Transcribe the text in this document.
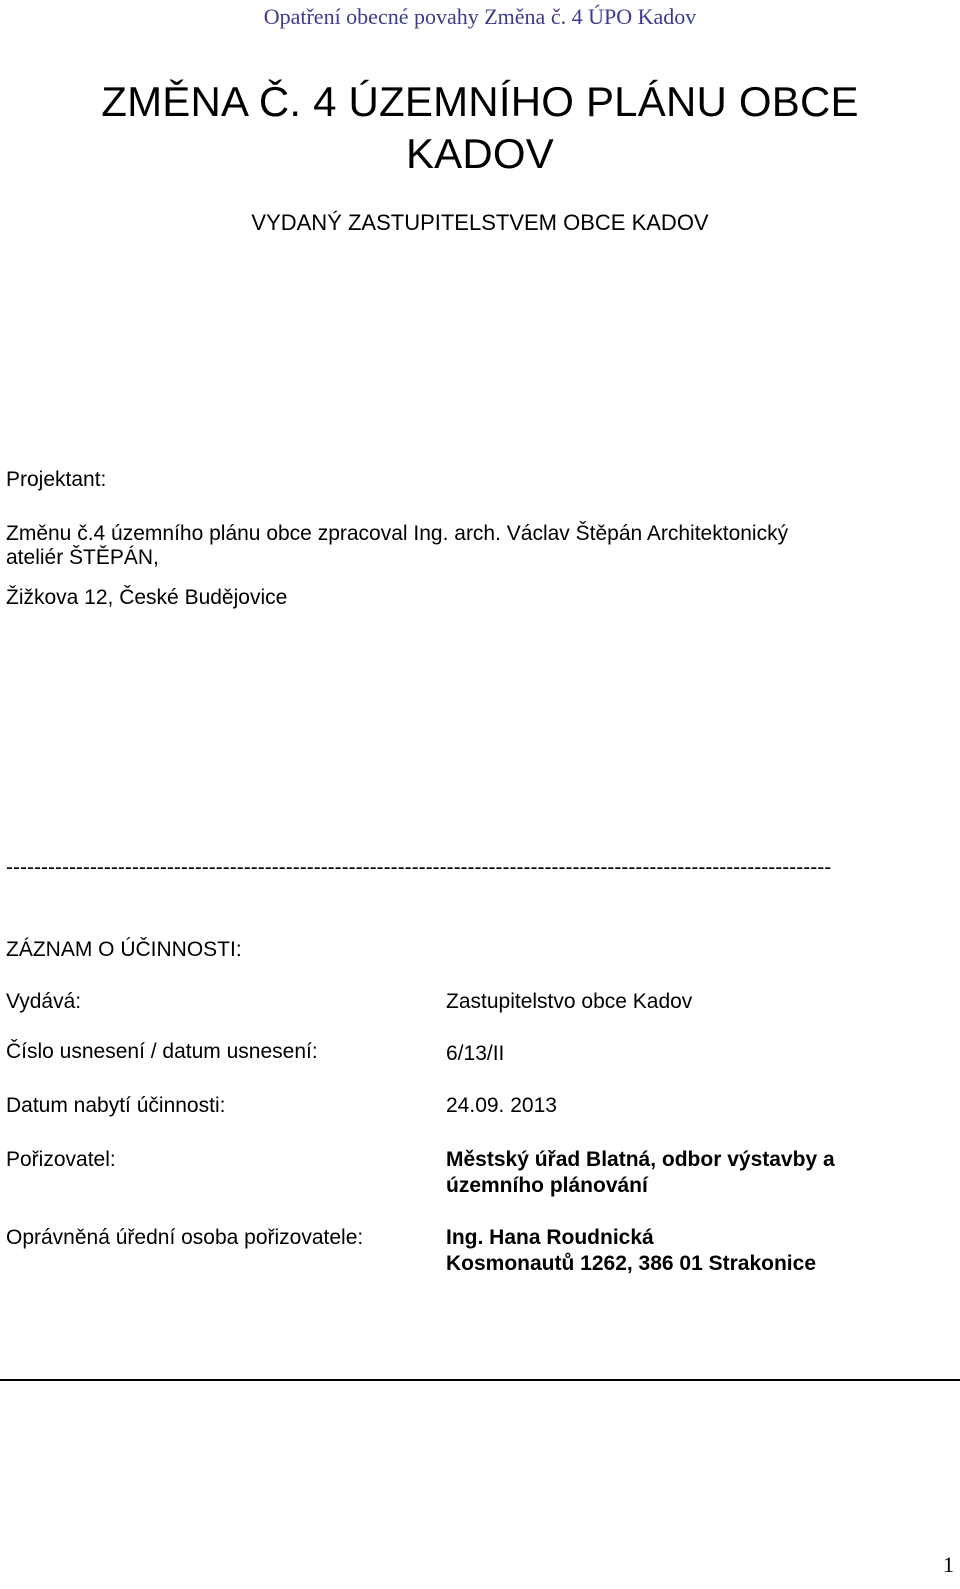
Opatření obecné povahy Změna č. 4 ÚPO Kadov
ZMĚNA Č. 4 ÚZEMNÍHO PLÁNU OBCE
KADOV
VYDANÝ ZASTUPITELSTVEM OBCE KADOV
Projektant:
Změnu č.4 územního plánu obce zpracoval Ing. arch. Václav Štěpán Architektonický
ateliér ŠTĚPÁN,
Žižkova 12, České Budějovice
----------------------------------------------------------------------------------------------------------------------
ZÁZNAM O ÚČINNOSTI:
Vydává:	Zastupitelstvo obce Kadov
Číslo usnesení / datum usnesení:	6/13/II
Datum nabytí účinnosti:	24.09. 2013
Pořizovatel:	Městský úřad Blatná, odbor výstavby a
územního plánování
Oprávněná úřední osoba pořizovatele:	Ing. Hana Roudnická
Kosmonautů 1262, 386 01 Strakonice
1
